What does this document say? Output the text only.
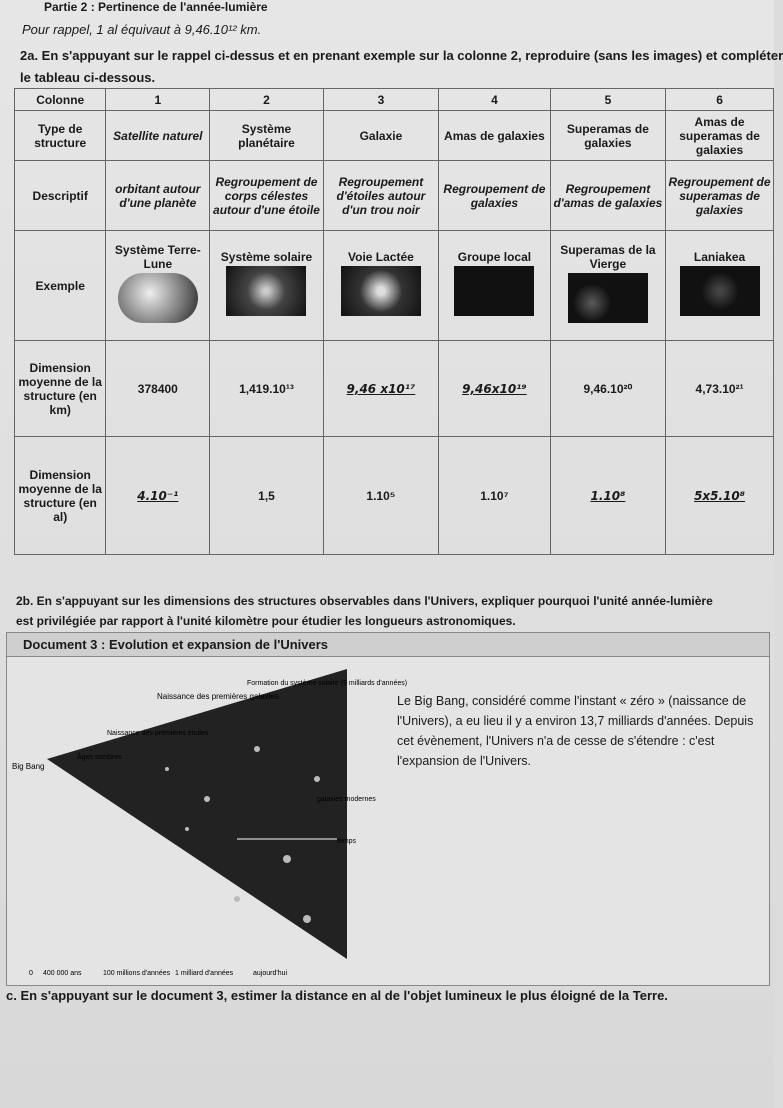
Partie 2 : Pertinence de l'année-lumière
Pour rappel, 1 al équivaut à 9,46.10¹² km.
2a. En s'appuyant sur le rappel ci-dessus et en prenant exemple sur la colonne 2, reproduire (sans les images) et compléter
le tableau ci-dessous.
Colonne	1	2	3	4	5	6
Type de structure	Satellite naturel	Système planétaire	Galaxie	Amas de galaxies	Superamas de galaxies	Amas de superamas de galaxies
Descriptif	orbitant autour d'une planète	Regroupement de corps célestes autour d'une étoile	Regroupement d'étoiles autour d'un trou noir	Regroupement de galaxies	Regroupement d'amas de galaxies	Regroupement de superamas de galaxies
Exemple	Système Terre-Lune	Système solaire	Voie Lactée	Groupe local	Superamas de la Vierge	Laniakea

Dimension moyenne de la structure (en km)	378400	1,419.10¹³	9,46 x10¹⁷	9,46x10¹⁹	9,46.10²⁰	4,73.10²¹
Dimension moyenne de la structure (en al)	4.10⁻¹	1,5	1.10⁵	1.10⁷	1.10⁸	5x5.10⁸
2b. En s'appuyant sur les dimensions des structures observables dans l'Univers, expliquer pourquoi l'unité année-lumière
est privilégiée par rapport à l'unité kilomètre pour étudier les longueurs astronomiques.
Document 3 : Evolution et expansion de l'Univers
Big Bang
Naissance des premières galaxies
Formation du système solaire (9 milliards d'années)
Naissance des premières étoiles
Âges sombres
galaxies modernes
temps
0 400 000 ans	100 millions d'années 1 milliard d'années	aujourd'hui
Le Big Bang, considéré comme l'instant « zéro » (naissance de l'Univers), a eu lieu il y a environ 13,7 milliards d'années. Depuis cet évènement, l'Univers n'a de cesse de s'étendre : c'est l'expansion de l'Univers.
c. En s'appuyant sur le document 3, estimer la distance en al de l'objet lumineux le plus éloigné de la Terre.
